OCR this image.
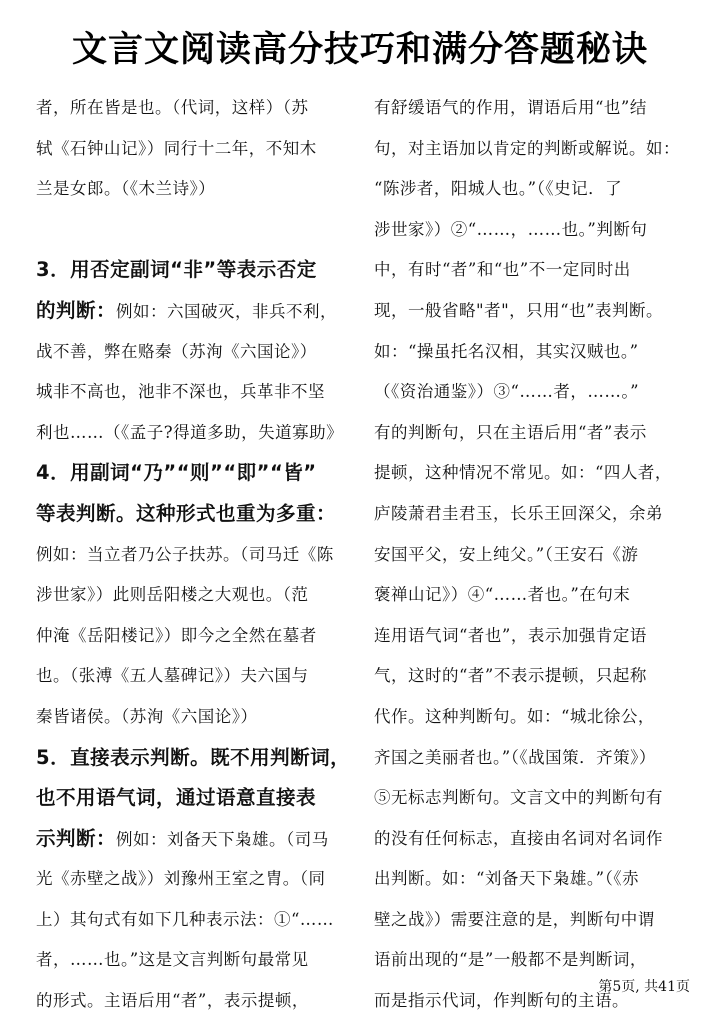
文言文阅读高分技巧和满分答题秘诀
者，所在皆是也。（代词，这样）（苏
轼《石钟山记》）同行十二年，不知木
兰是女郎。（《木兰诗》）
3．用否定副词“非”等表示否定
的判断：例如：六国破灭，非兵不利，
战不善，弊在赂秦（苏洵《六国论》）
城非不高也，池非不深也，兵革非不坚
利也……（《孟子?得道多助，失道寡助》
4．用副词“乃”“则”“即”“皆”
等表判断。这种形式也重为多重：
例如：当立者乃公子扶苏。（司马迁《陈
涉世家》）此则岳阳楼之大观也。（范
仲淹《岳阳楼记》）即今之全然在墓者
也。（张溥《五人墓碑记》）夫六国与
秦皆诸侯。（苏洵《六国论》）
5．直接表示判断。既不用判断词，
也不用语气词，通过语意直接表
示判断：例如：刘备天下枭雄。（司马
光《赤壁之战》）刘豫州王室之胄。（同
上）其句式有如下几种表示法：①“……
者，……也。”这是文言判断句最常见
的形式。主语后用“者”，表示提顿，
有舒缓语气的作用，谓语后用“也”结
句，对主语加以肯定的判断或解说。如：
“陈涉者，阳城人也。”（《史记．了
涉世家》）②“……，……也。”判断句
中，有时“者”和“也”不一定同时出
现，一般省略"者"，只用“也”表判断。
如：“操虽托名汉相，其实汉贼也。”
（《资治通鉴》）③“……者，……。”
有的判断句，只在主语后用“者”表示
提顿，这种情况不常见。如：“四人者，
庐陵萧君圭君玉，长乐王回深父，余弟
安国平父，安上纯父。”（王安石《游
褒禅山记》）④“……者也。”在句末
连用语气词“者也”，表示加强肯定语
气，这时的“者”不表示提顿，只起称
代作。这种判断句。如：“城北徐公，
齐国之美丽者也。”（《战国策．齐策》）
⑤无标志判断句。文言文中的判断句有
的没有任何标志，直接由名词对名词作
出判断。如：“刘备天下枭雄。”（《赤
壁之战》）需要注意的是，判断句中谓
语前出现的“是”一般都不是判断词，
而是指示代词，作判断句的主语。
第5页, 共41页
